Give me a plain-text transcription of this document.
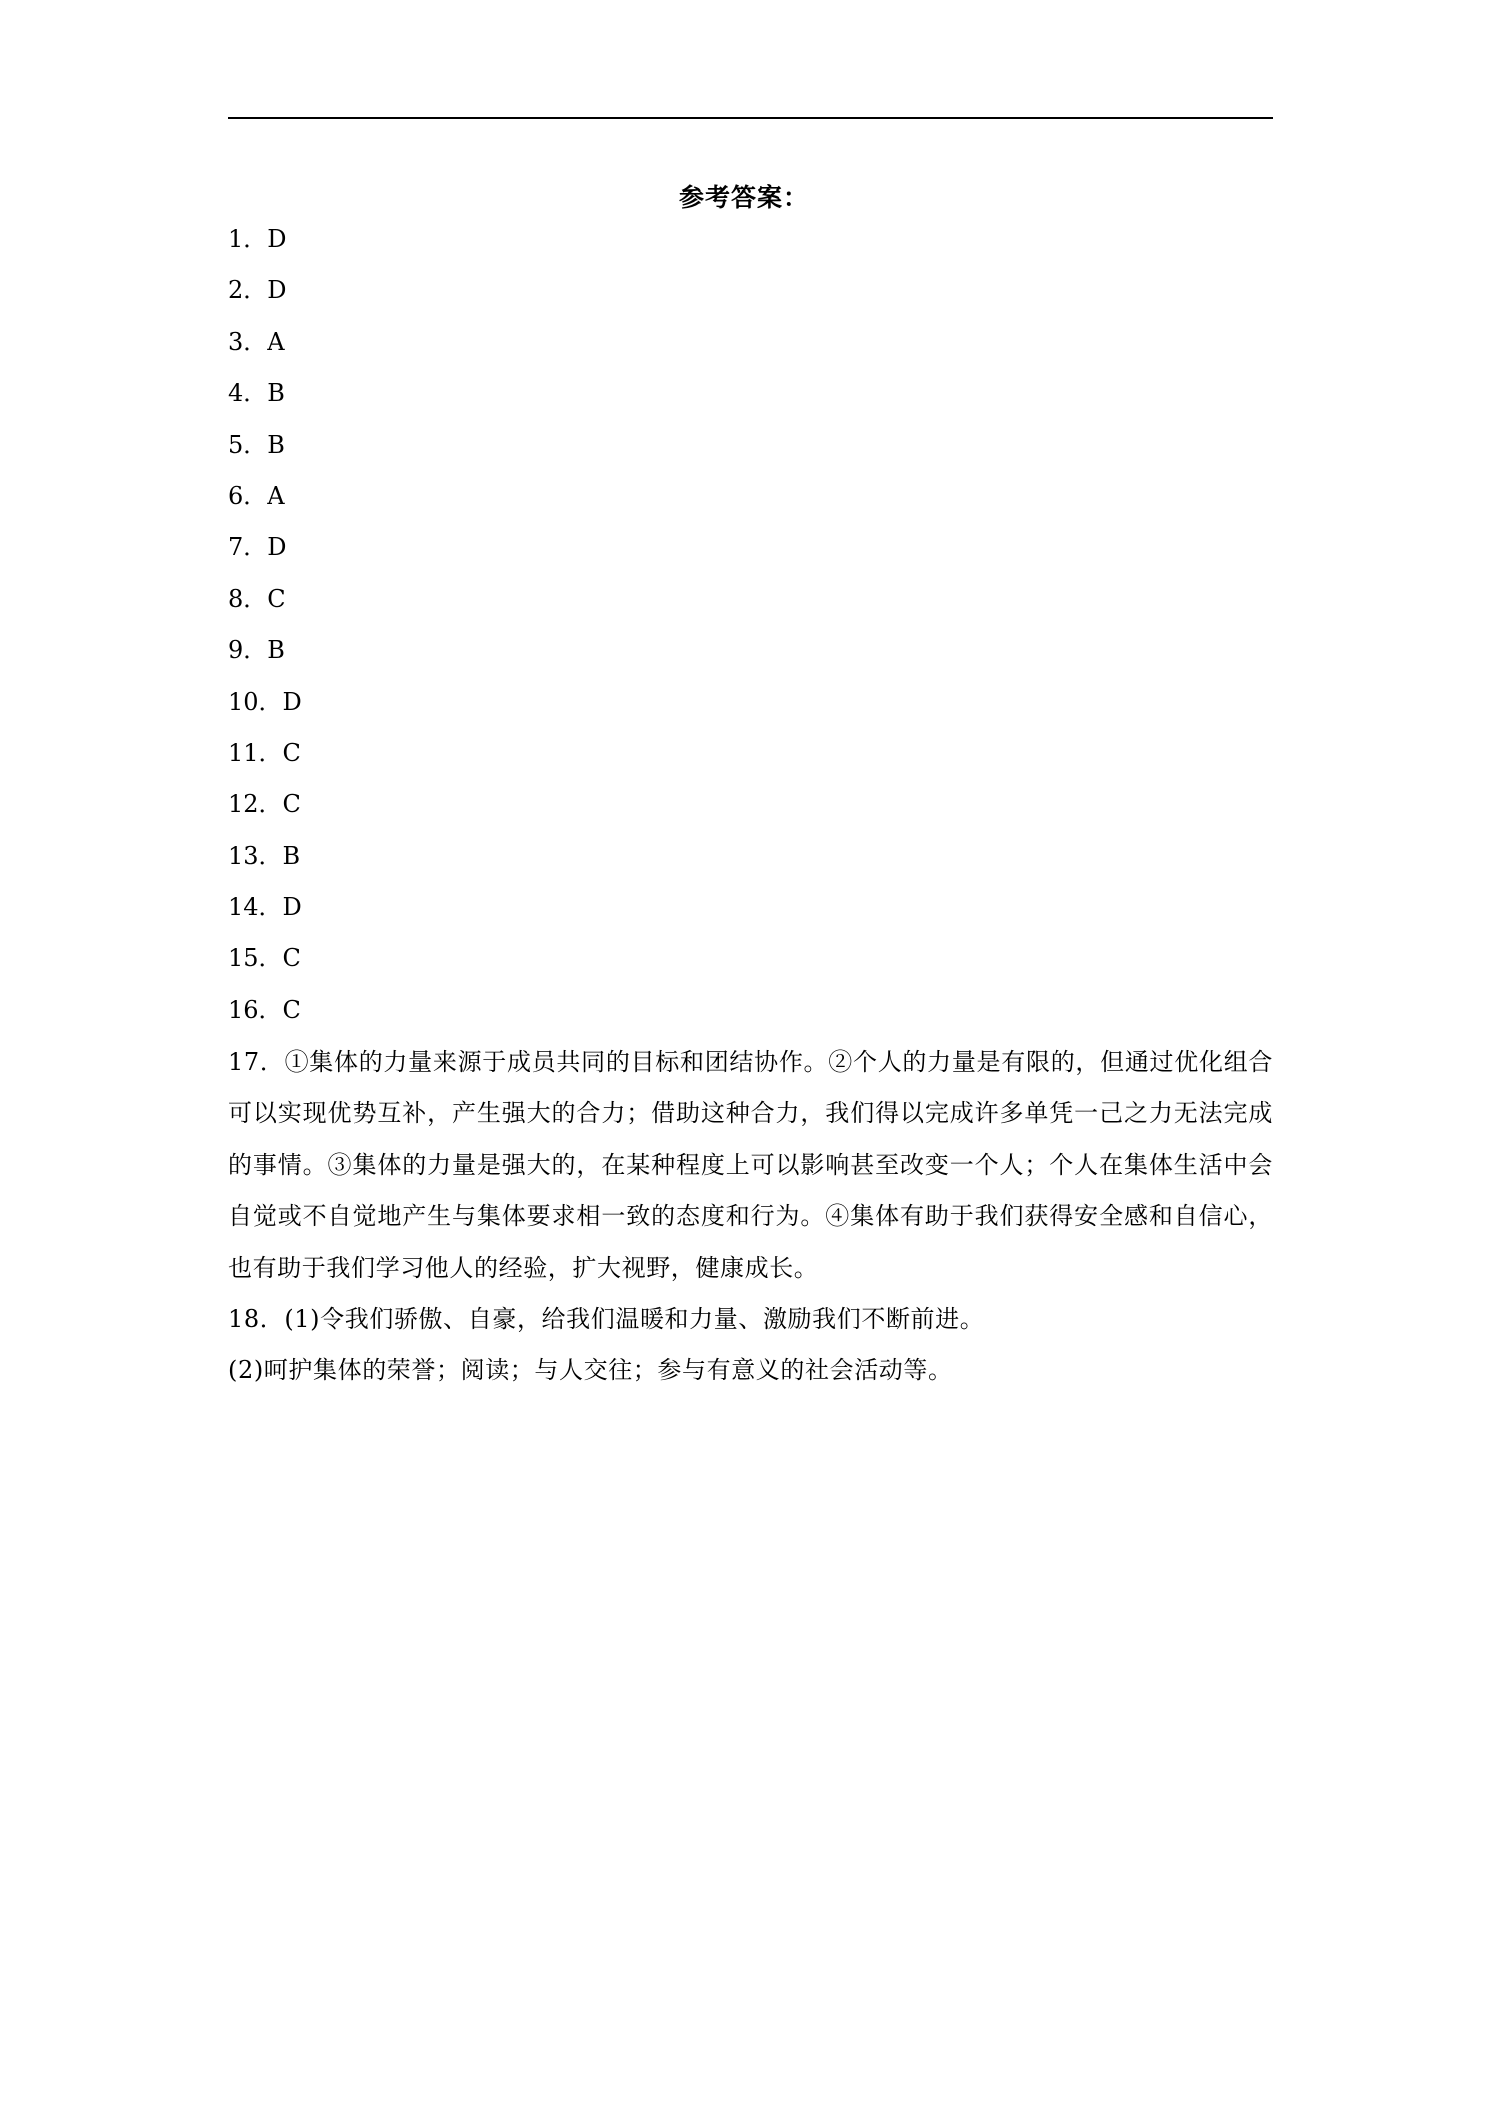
参考答案：
1．D
2．D
3．A
4．B
5．B
6．A
7．D
8．C
9．B
10．D
11．C
12．C
13．B
14．D
15．C
16．C
17．①集体的力量来源于成员共同的目标和团结协作。②个人的力量是有限的，但通过优化组合可以实现优势互补，产生强大的合力；借助这种合力，我们得以完成许多单凭一己之力无法完成的事情。③集体的力量是强大的，在某种程度上可以影响甚至改变一个人；个人在集体生活中会自觉或不自觉地产生与集体要求相一致的态度和行为。④集体有助于我们获得安全感和自信心，也有助于我们学习他人的经验，扩大视野，健康成长。
18．(1)令我们骄傲、自豪，给我们温暖和力量、激励我们不断前进。
(2)呵护集体的荣誉；阅读；与人交往；参与有意义的社会活动等。
